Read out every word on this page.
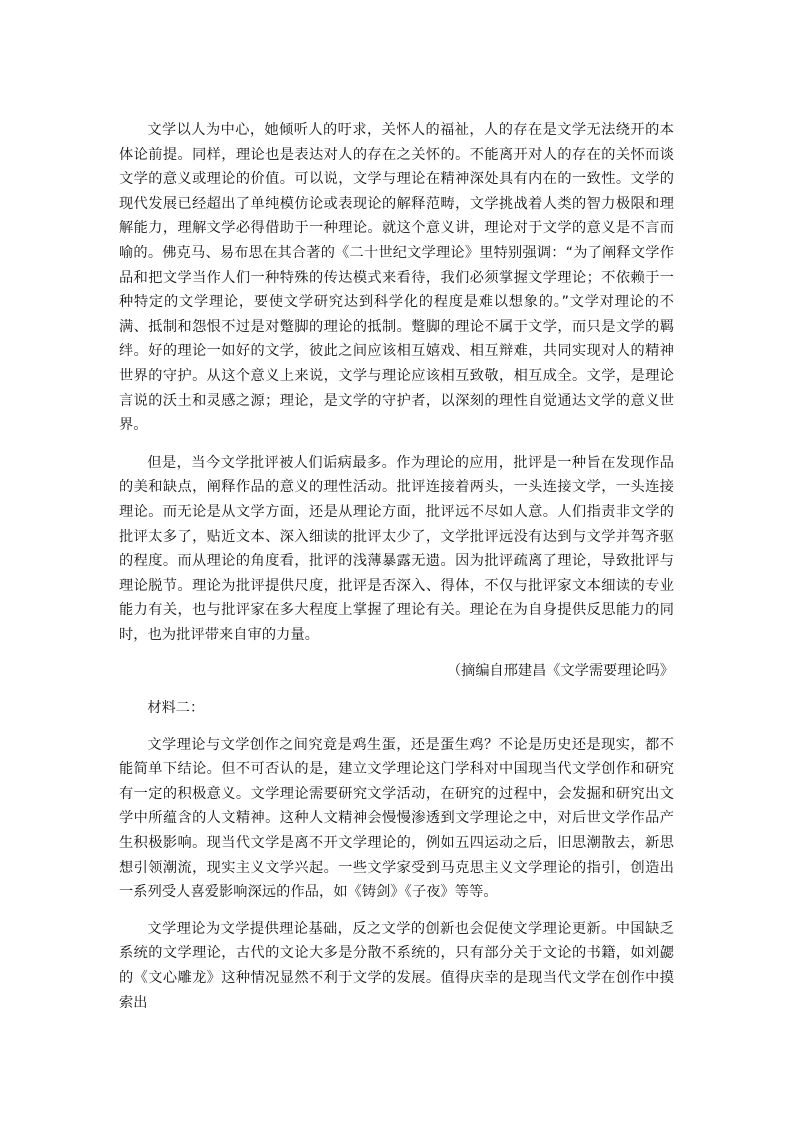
文学以人为中心，她倾听人的吁求，关怀人的福祉，人的存在是文学无法绕开的本体论前提。同样，理论也是表达对人的存在之关怀的。不能离开对人的存在的关怀而谈文学的意义或理论的价值。可以说，文学与理论在精神深处具有内在的一致性。文学的现代发展已经超出了单纯模仿论或表现论的解释范畴，文学挑战着人类的智力极限和理解能力，理解文学必得借助于一种理论。就这个意义讲，理论对于文学的意义是不言而喻的。佛克马、易布思在其合著的《二十世纪文学理论》里特别强调：“为了阐释文学作品和把文学当作人们一种特殊的传达模式来看待，我们必须掌握文学理论；不依赖于一种特定的文学理论，要使文学研究达到科学化的程度是难以想象的。”文学对理论的不满、抵制和怨恨不过是对蹩脚的理论的抵制。蹩脚的理论不属于文学，而只是文学的羁绊。好的理论一如好的文学，彼此之间应该相互嬉戏、相互辩难，共同实现对人的精神世界的守护。从这个意义上来说，文学与理论应该相互致敬，相互成全。文学，是理论言说的沃土和灵感之源；理论，是文学的守护者，以深刻的理性自觉通达文学的意义世界。

但是，当今文学批评被人们诟病最多。作为理论的应用，批评是一种旨在发现作品的美和缺点，阐释作品的意义的理性活动。批评连接着两头，一头连接文学，一头连接理论。而无论是从文学方面，还是从理论方面，批评远不尽如人意。人们指责非文学的批评太多了，贴近文本、深入细读的批评太少了，文学批评远没有达到与文学并驾齐驱的程度。而从理论的角度看，批评的浅薄暴露无遗。因为批评疏离了理论，导致批评与理论脱节。理论为批评提供尺度，批评是否深入、得体，不仅与批评家文本细读的专业能力有关，也与批评家在多大程度上掌握了理论有关。理论在为自身提供反思能力的同时，也为批评带来自审的力量。

（摘编自邢建昌《文学需要理论吗》

材料二：

文学理论与文学创作之间究竟是鸡生蛋，还是蛋生鸡？不论是历史还是现实，都不能简单下结论。但不可否认的是，建立文学理论这门学科对中国现当代文学创作和研究有一定的积极意义。文学理论需要研究文学活动，在研究的过程中，会发掘和研究出文学中所蕴含的人文精神。这种人文精神会慢慢渗透到文学理论之中，对后世文学作品产生积极影响。现当代文学是离不开文学理论的，例如五四运动之后，旧思潮散去，新思想引领潮流，现实主义文学兴起。一些文学家受到马克思主义文学理论的指引，创造出一系列受人喜爱影响深远的作品，如《铸剑》《子夜》等等。

文学理论为文学提供理论基础，反之文学的创新也会促使文学理论更新。中国缺乏系统的文学理论，古代的文论大多是分散不系统的，只有部分关于文论的书籍，如刘勰的《文心雕龙》这种情况显然不利于文学的发展。值得庆幸的是现当代文学在创作中摸索出
